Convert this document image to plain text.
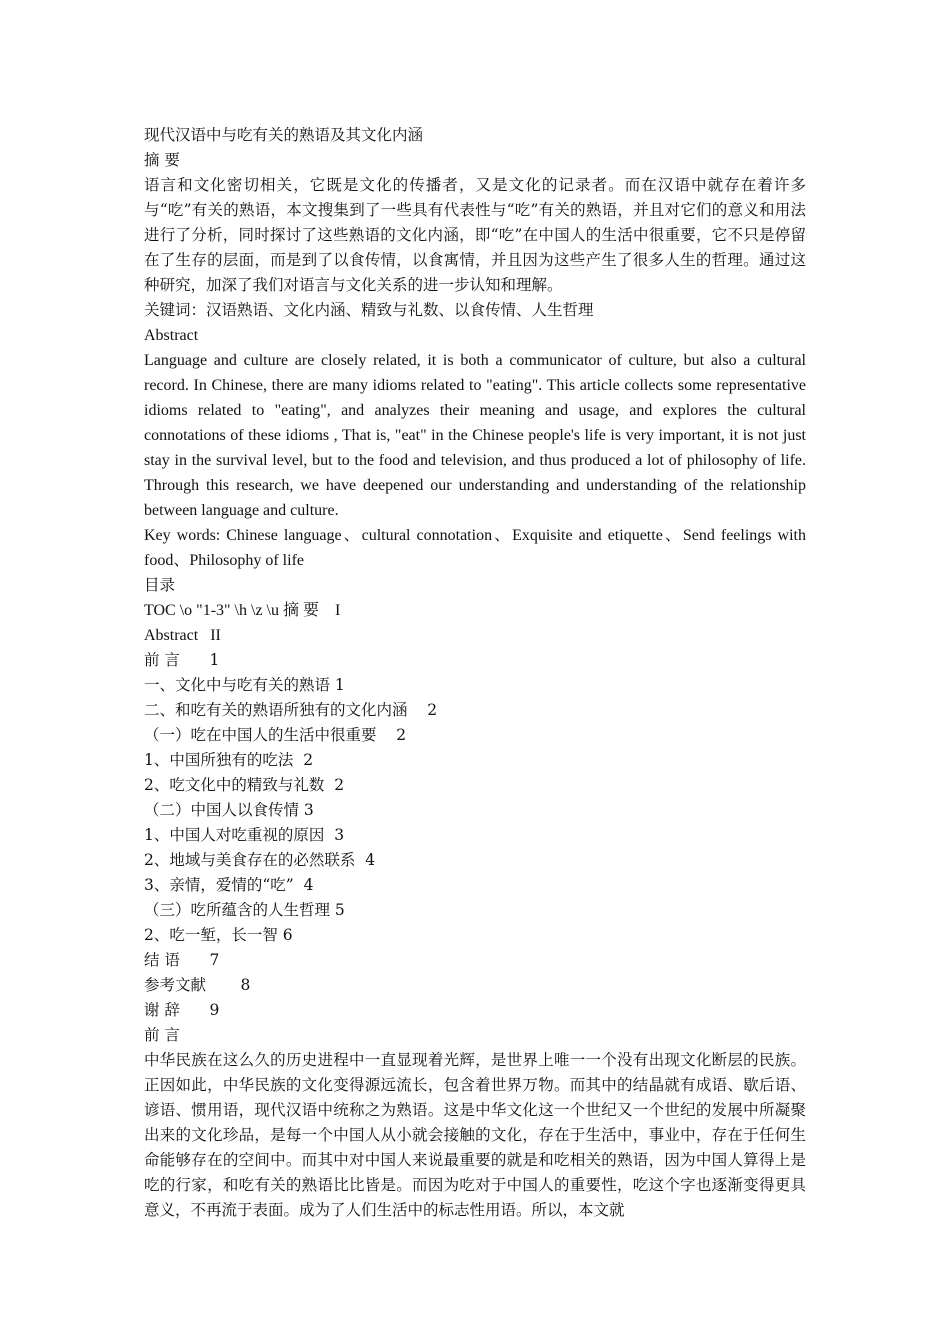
现代汉语中与吃有关的熟语及其文化内涵
摘 要

语言和文化密切相关，它既是文化的传播者，又是文化的记录者。而在汉语中就存在着许多与“吃”有关的熟语，本文搜集到了一些具有代表性与“吃”有关的熟语，并且对它们的意义和用法进行了分析，同时探讨了这些熟语的文化内涵，即“吃”在中国人的生活中很重要，它不只是停留在了生存的层面，而是到了以食传情，以食寓情，并且因为这些产生了很多人生的哲理。通过这种研究，加深了我们对语言与文化关系的进一步认知和理解。

关键词：汉语熟语、文化内涵、精致与礼数、以食传情、人生哲理
Abstract

Language and culture are closely related, it is both a communicator of culture, but also a cultural record. In Chinese, there are many idioms related to "eating". This article collects some representative idioms related to "eating", and analyzes their meaning and usage, and explores the cultural connotations of these idioms , That is, "eat" in the Chinese people's life is very important, it is not just stay in the survival level, but to the food and television, and thus produced a lot of philosophy of life. Through this research, we have deepened our understanding and understanding of the relationship between language and culture.

Key words: Chinese language、cultural connotation、Exquisite and etiquette、Send feelings with food、Philosophy of life

目录
TOC \o "1-3" \h \z \u 摘 要    I
Abstract   II
前 言      1
一、文化中与吃有关的熟语 1
二、和吃有关的熟语所独有的文化内涵    2
（一）吃在中国人的生活中很重要    2
1、中国所独有的吃法  2
2、吃文化中的精致与礼数  2
（二）中国人以食传情 3
1、中国人对吃重视的原因  3
2、地域与美食存在的必然联系  4
3、亲情，爱情的“吃”  4
（三）吃所蕴含的人生哲理 5
2、吃一堑，长一智 6
结 语      7
参考文献       8
谢 辞      9
前 言

中华民族在这么久的历史进程中一直显现着光辉，是世界上唯一一个没有出现文化断层的民族。正因如此，中华民族的文化变得源远流长，包含着世界万物。而其中的结晶就有成语、歇后语、谚语、惯用语，现代汉语中统称之为熟语。这是中华文化这一个世纪又一个世纪的发展中所凝聚出来的文化珍品，是每一个中国人从小就会接触的文化，存在于生活中，事业中，存在于任何生命能够存在的空间中。而其中对中国人来说最重要的就是和吃相关的熟语，因为中国人算得上是吃的行家，和吃有关的熟语比比皆是。而因为吃对于中国人的重要性，吃这个字也逐渐变得更具意义，不再流于表面。成为了人们生活中的标志性用语。所以，本文就
